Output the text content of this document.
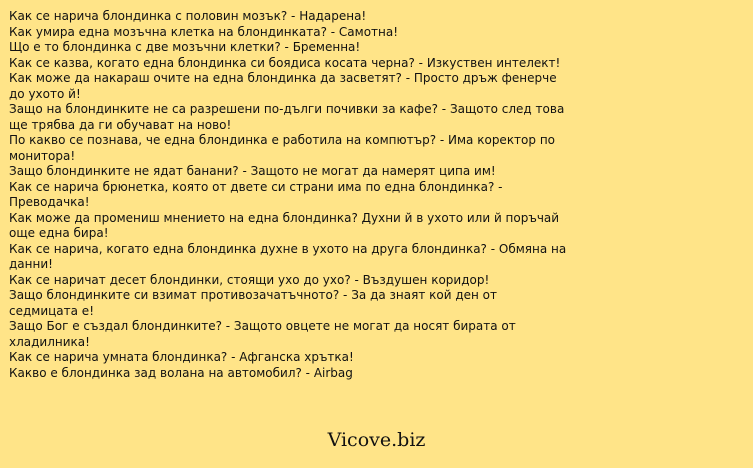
Как се нарича блондинка с половин мозък? - Надарена!
Как умира една мозъчна клетка на блондинката? - Самотна!
Що е то блондинка с две мозъчни клетки? - Бременна!
Как се казва, когато една блондинка си боядиса косата черна? - Изкуствен интелект!
Как може да накараш очите на една блондинка да засветят? - Просто дръж фенерче до ухото й!
Защо на блондинките не са разрешени по-дълги почивки за кафе? - Защото след това ще трябва да ги обучават на ново!
По какво се познава, че една блондинка е работила на компютър? - Има коректор по монитора!
Защо блондинките не ядат банани? - Защото не могат да намерят ципа им!
Как се нарича брюнетка, която от двете си страни има по една блондинка? - Преводачка!
Как може да промениш мнението на една блондинка? Духни й в ухото или й поръчай още една бира!
Как се нарича, когато една блондинка духне в ухото на друга блондинка? - Обмяна на данни!
Как се наричат десет блондинки, стоящи ухо до ухо? - Въздушен коридор!
Защо блондинките си взимат противозачатъчното? - За да знаят кой ден от седмицата е!
Защо Бог е създал блондинките? - Защото овцете не могат да носят бирата от хладилника!
Как се нарича умната блондинка? - Афганска хрътка!
Какво е блондинка зад волана на автомобил? - Airbag
Vicove.biz
